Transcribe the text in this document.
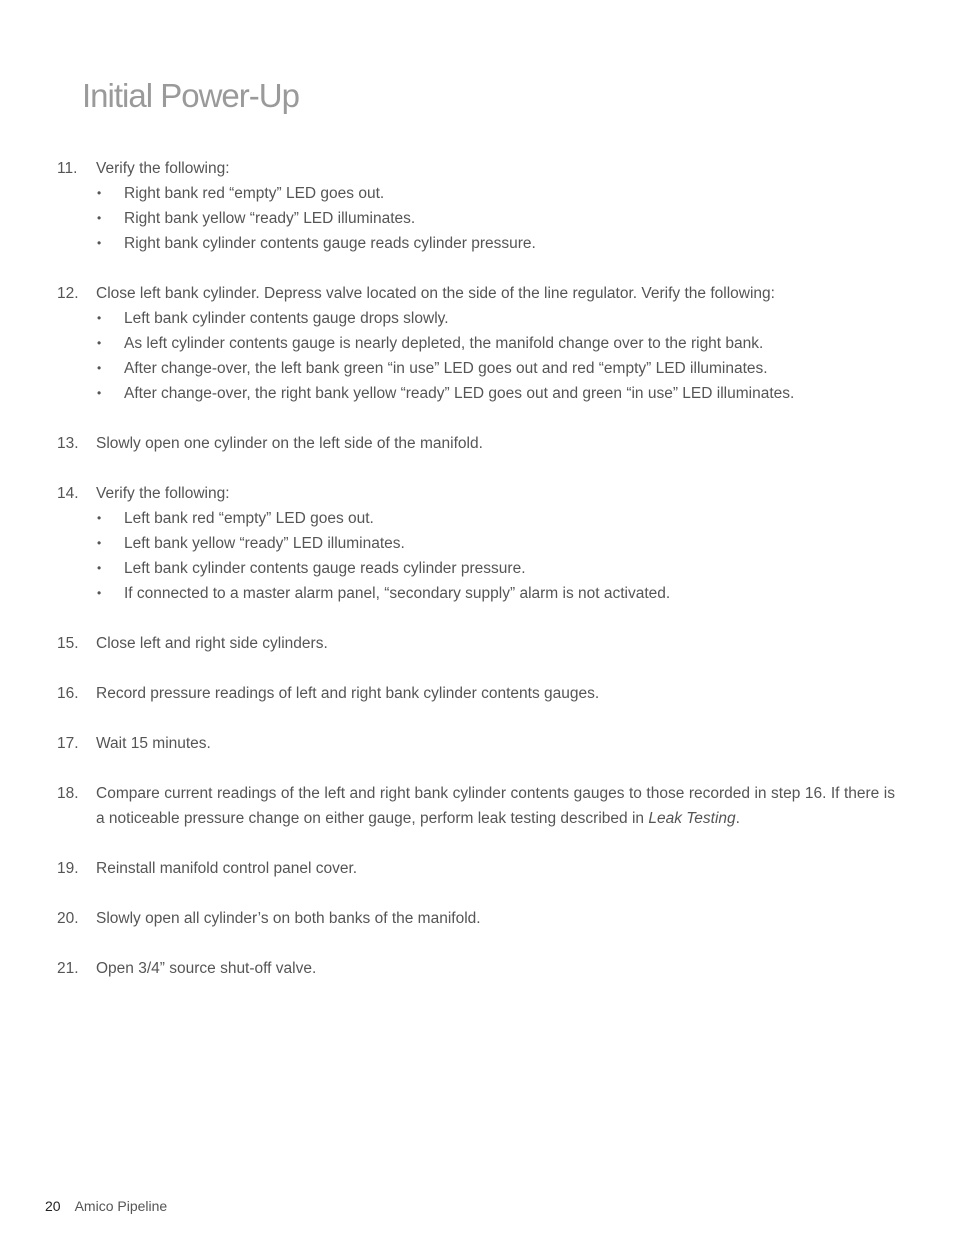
Initial Power-Up
11.	Verify the following:
• Right bank red “empty” LED goes out.
• Right bank yellow “ready” LED illuminates.
• Right bank cylinder contents gauge reads cylinder pressure.
12.	Close left bank cylinder. Depress valve located on the side of the line regulator. Verify the following:
• Left bank cylinder contents gauge drops slowly.
• As left cylinder contents gauge is nearly depleted, the manifold change over to the right bank.
• After change-over, the left bank green “in use” LED goes out and red “empty” LED illuminates.
• After change-over, the right bank yellow “ready” LED goes out and green “in use” LED illuminates.
13.	Slowly open one cylinder on the left side of the manifold.
14.	Verify the following:
• Left bank red “empty” LED goes out.
• Left bank yellow “ready” LED illuminates.
• Left bank cylinder contents gauge reads cylinder pressure.
• If connected to a master alarm panel, “secondary supply” alarm is not activated.
15.	Close left and right side cylinders.
16.	Record pressure readings of left and right bank cylinder contents gauges.
17.	Wait 15 minutes.
18.	Compare current readings of the left and right bank cylinder contents gauges to those recorded in step 16. If there is a noticeable pressure change on either gauge, perform leak testing described in Leak Testing.
19.	Reinstall manifold control panel cover.
20.	Slowly open all cylinder’s on both banks of the manifold.
21.	Open 3/4” source shut-off valve.
20 Amico Pipeline
